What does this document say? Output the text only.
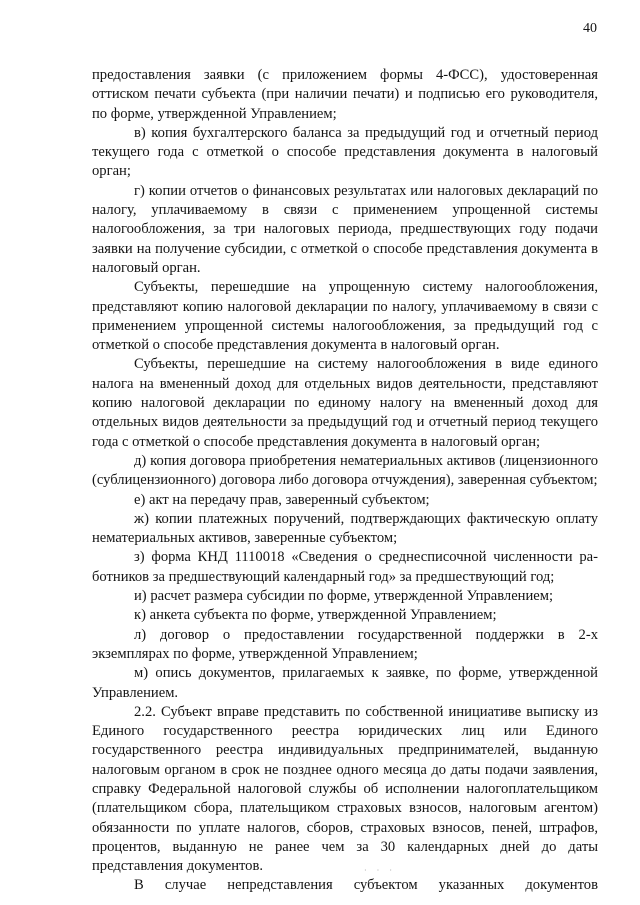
40

предоставления заявки (с приложением формы 4-ФСС), удостоверенная оттиском печати субъекта (при наличии печати) и подписью его руководителя, по форме, утвержденной Управлением;

в) копия бухгалтерского баланса за предыдущий год и отчетный период текущего года с отметкой о способе представления документа в налоговый орган;

г) копии отчетов о финансовых результатах или налоговых деклараций по налогу, уплачиваемому в связи с применением упрощенной системы налогообложения, за три налоговых периода, предшествующих году подачи заявки на получение субсидии, с отметкой о способе представления документа в налоговый орган.

Субъекты, перешедшие на упрощенную систему налогообложения, представляют копию налоговой декларации по налогу, уплачиваемому в связи с применением упрощенной системы налогообложения, за предыдущий год с отметкой о способе представления документа в налоговый орган.

Субъекты, перешедшие на систему налогообложения в виде единого налога на вмененный доход для отдельных видов деятельности, представляют копию налоговой декларации по единому налогу на вмененный доход для отдельных видов деятельности за предыдущий год и отчетный период текущего года с отметкой о способе представления документа в налоговый орган;

д) копия договора приобретения нематериальных активов (лицензионного (сублицензионного) договора либо договора отчуждения), заверенная субъектом;

е) акт на передачу прав, заверенный субъектом;

ж) копии платежных поручений, подтверждающих фактическую оплату нематериальных активов, заверенные субъектом;

з) форма КНД 1110018 «Сведения о среднесписочной численности работников за предшествующий календарный год» за предшествующий год;

и) расчет размера субсидии по форме, утвержденной Управлением;

к) анкета субъекта по форме, утвержденной Управлением;

л) договор о предоставлении государственной поддержки в 2-х экземплярах по форме, утвержденной Управлением;

м) опись документов, прилагаемых к заявке, по форме, утвержденной Управлением.

2.2. Субъект вправе представить по собственной инициативе выписку из Единого государственного реестра юридических лиц или Единого государственного реестра индивидуальных предпринимателей, выданную налоговым органом в срок не позднее одного месяца до даты подачи заявления, справку Федеральной налоговой службы об исполнении налогоплательщиком (плательщиком сбора, плательщиком страховых взносов, налоговым агентом) обязанности по уплате налогов, сборов, страховых взносов, пеней, штрафов, процентов, выданную не ранее чем за 30 календарных дней до даты представления документов.

В случае непредставления субъектом указанных документов

· · ·
